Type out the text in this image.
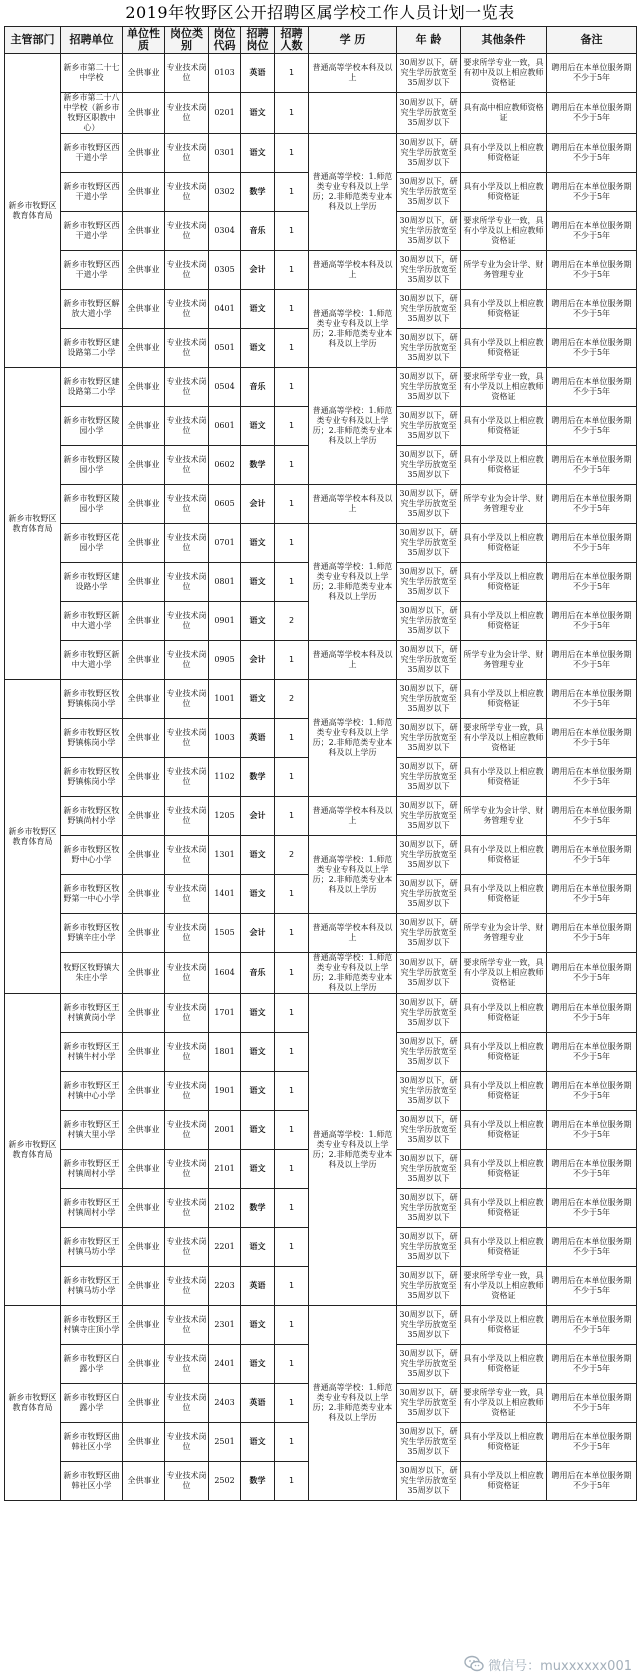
2019年牧野区公开招聘区属学校工作人员计划一览表
主管部门	招聘单位	单位性质	岗位类别	岗位代码	招聘岗位	招聘人数	学 历	年 龄	其他条件	备注
新乡市牧野区教育体育局	新乡市第二十七中学校	全供事业	专业技术岗位	0103	英语	1	普通高等学校本科及以上	30周岁以下，研究生学历放宽至35周岁以下	要求所学专业一致，具有初中及以上相应教师资格证	聘用后在本单位服务期不少于5年
	新乡市第二十八中学校（新乡市牧野区职教中心）	全供事业	专业技术岗位	0201	语文	1		30周岁以下，研究生学历放宽至35周岁以下	具有高中相应教师资格证	聘用后在本单位服务期不少于5年
	新乡市牧野区西干道小学	全供事业	专业技术岗位	0301	语文	1	普通高等学校：1.师范类专业专科及以上学历；2.非师范类专业本科及以上学历	30周岁以下，研究生学历放宽至35周岁以下	具有小学及以上相应教师资格证	聘用后在本单位服务期不少于5年
	新乡市牧野区西干道小学	全供事业	专业技术岗位	0302	数学	1		30周岁以下，研究生学历放宽至35周岁以下	具有小学及以上相应教师资格证	聘用后在本单位服务期不少于5年
	新乡市牧野区西干道小学	全供事业	专业技术岗位	0304	音乐	1		30周岁以下，研究生学历放宽至35周岁以下	要求所学专业一致，具有小学及以上相应教师资格证	聘用后在本单位服务期不少于5年
	新乡市牧野区西干道小学	全供事业	专业技术岗位	0305	会计	1	普通高等学校本科及以上	30周岁以下，研究生学历放宽至35周岁以下	所学专业为会计学、财务管理专业	聘用后在本单位服务期不少于5年
	新乡市牧野区解放大道小学	全供事业	专业技术岗位	0401	语文	1	普通高等学校：1.师范类专业专科及以上学历；2.非师范类专业本科及以上学历	30周岁以下，研究生学历放宽至35周岁以下	具有小学及以上相应教师资格证	聘用后在本单位服务期不少于5年
	新乡市牧野区建设路第二小学	全供事业	专业技术岗位	0501	语文	1		30周岁以下，研究生学历放宽至35周岁以下	具有小学及以上相应教师资格证	聘用后在本单位服务期不少于5年
新乡市牧野区教育体育局	新乡市牧野区建设路第二小学	全供事业	专业技术岗位	0504	音乐	1	普通高等学校：1.师范类专业专科及以上学历；2.非师范类专业本科及以上学历	30周岁以下，研究生学历放宽至35周岁以下	要求所学专业一致，具有小学及以上相应教师资格证	聘用后在本单位服务期不少于5年
	新乡市牧野区陵园小学	全供事业	专业技术岗位	0601	语文	1		30周岁以下，研究生学历放宽至35周岁以下	具有小学及以上相应教师资格证	聘用后在本单位服务期不少于5年
	新乡市牧野区陵园小学	全供事业	专业技术岗位	0602	数学	1		30周岁以下，研究生学历放宽至35周岁以下	具有小学及以上相应教师资格证	聘用后在本单位服务期不少于5年
	新乡市牧野区陵园小学	全供事业	专业技术岗位	0605	会计	1	普通高等学校本科及以上	30周岁以下，研究生学历放宽至35周岁以下	所学专业为会计学、财务管理专业	聘用后在本单位服务期不少于5年
	新乡市牧野区花园小学	全供事业	专业技术岗位	0701	语文	1	普通高等学校：1.师范类专业专科及以上学历；2.非师范类专业本科及以上学历	30周岁以下，研究生学历放宽至35周岁以下	具有小学及以上相应教师资格证	聘用后在本单位服务期不少于5年
	新乡市牧野区建设路小学	全供事业	专业技术岗位	0801	语文	1		30周岁以下，研究生学历放宽至35周岁以下	具有小学及以上相应教师资格证	聘用后在本单位服务期不少于5年
	新乡市牧野区新中大道小学	全供事业	专业技术岗位	0901	语文	2		30周岁以下，研究生学历放宽至35周岁以下	具有小学及以上相应教师资格证	聘用后在本单位服务期不少于5年
	新乡市牧野区新中大道小学	全供事业	专业技术岗位	0905	会计	1	普通高等学校本科及以上	30周岁以下，研究生学历放宽至35周岁以下	所学专业为会计学、财务管理专业	聘用后在本单位服务期不少于5年
新乡市牧野区教育体育局	新乡市牧野区牧野镇栋岗小学	全供事业	专业技术岗位	1001	语文	2	普通高等学校：1.师范类专业专科及以上学历；2.非师范类专业本科及以上学历	30周岁以下，研究生学历放宽至35周岁以下	具有小学及以上相应教师资格证	聘用后在本单位服务期不少于5年
	新乡市牧野区牧野镇栋岗小学	全供事业	专业技术岗位	1003	英语	1		30周岁以下，研究生学历放宽至35周岁以下	要求所学专业一致，具有小学及以上相应教师资格证	聘用后在本单位服务期不少于5年
	新乡市牧野区牧野镇栋岗小学	全供事业	专业技术岗位	1102	数学	1		30周岁以下，研究生学历放宽至35周岁以下	具有小学及以上相应教师资格证	聘用后在本单位服务期不少于5年
	新乡市牧野区牧野镇尚村小学	全供事业	专业技术岗位	1205	会计	1	普通高等学校本科及以上	30周岁以下，研究生学历放宽至35周岁以下	所学专业为会计学、财务管理专业	聘用后在本单位服务期不少于5年
	新乡市牧野区牧野中心小学	全供事业	专业技术岗位	1301	语文	2	普通高等学校：1.师范类专业专科及以上学历；2.非师范类专业本科及以上学历	30周岁以下，研究生学历放宽至35周岁以下	具有小学及以上相应教师资格证	聘用后在本单位服务期不少于5年
	新乡市牧野区牧野第一中心小学	全供事业	专业技术岗位	1401	语文	1		30周岁以下，研究生学历放宽至35周岁以下	具有小学及以上相应教师资格证	聘用后在本单位服务期不少于5年
	新乡市牧野区牧野镇辛庄小学	全供事业	专业技术岗位	1505	会计	1	普通高等学校本科及以上	30周岁以下，研究生学历放宽至35周岁以下	所学专业为会计学、财务管理专业	聘用后在本单位服务期不少于5年
	牧野区牧野镇大朱庄小学	全供事业	专业技术岗位	1604	音乐	1	普通高等学校：1.师范类专业专科及以上学历；2.非师范类专业本科及以上学历	30周岁以下，研究生学历放宽至35周岁以下	要求所学专业一致，具有小学及以上相应教师资格证	聘用后在本单位服务期不少于5年
新乡市牧野区教育体育局	新乡市牧野区王村镇黄岗小学	全供事业	专业技术岗位	1701	语文	1	普通高等学校：1.师范类专业专科及以上学历；2.非师范类专业本科及以上学历	30周岁以下，研究生学历放宽至35周岁以下	具有小学及以上相应教师资格证	聘用后在本单位服务期不少于5年
	新乡市牧野区王村镇牛村小学	全供事业	专业技术岗位	1801	语文	1		30周岁以下，研究生学历放宽至35周岁以下	具有小学及以上相应教师资格证	聘用后在本单位服务期不少于5年
	新乡市牧野区王村镇中心小学	全供事业	专业技术岗位	1901	语文	1		30周岁以下，研究生学历放宽至35周岁以下	具有小学及以上相应教师资格证	聘用后在本单位服务期不少于5年
	新乡市牧野区王村镇大里小学	全供事业	专业技术岗位	2001	语文	1		30周岁以下，研究生学历放宽至35周岁以下	具有小学及以上相应教师资格证	聘用后在本单位服务期不少于5年
	新乡市牧野区王村镇周村小学	全供事业	专业技术岗位	2101	语文	1		30周岁以下，研究生学历放宽至35周岁以下	具有小学及以上相应教师资格证	聘用后在本单位服务期不少于5年
	新乡市牧野区王村镇周村小学	全供事业	专业技术岗位	2102	数学	1		30周岁以下，研究生学历放宽至35周岁以下	具有小学及以上相应教师资格证	聘用后在本单位服务期不少于5年
	新乡市牧野区王村镇马坊小学	全供事业	专业技术岗位	2201	语文	1		30周岁以下，研究生学历放宽至35周岁以下	具有小学及以上相应教师资格证	聘用后在本单位服务期不少于5年
	新乡市牧野区王村镇马坊小学	全供事业	专业技术岗位	2203	英语	1		30周岁以下，研究生学历放宽至35周岁以下	要求所学专业一致，具有小学及以上相应教师资格证	聘用后在本单位服务期不少于5年
新乡市牧野区教育体育局	新乡市牧野区王村镇寺庄顶小学	全供事业	专业技术岗位	2301	语文	1	普通高等学校：1.师范类专业专科及以上学历；2.非师范类专业本科及以上学历	30周岁以下，研究生学历放宽至35周岁以下	具有小学及以上相应教师资格证	聘用后在本单位服务期不少于5年
	新乡市牧野区白露小学	全供事业	专业技术岗位	2401	语文	1		30周岁以下，研究生学历放宽至35周岁以下	具有小学及以上相应教师资格证	聘用后在本单位服务期不少于5年
	新乡市牧野区白露小学	全供事业	专业技术岗位	2403	英语	1		30周岁以下，研究生学历放宽至35周岁以下	要求所学专业一致，具有小学及以上相应教师资格证	聘用后在本单位服务期不少于5年
	新乡市牧野区曲韩社区小学	全供事业	专业技术岗位	2501	语文	1		30周岁以下，研究生学历放宽至35周岁以下	具有小学及以上相应教师资格证	聘用后在本单位服务期不少于5年
	新乡市牧野区曲韩社区小学	全供事业	专业技术岗位	2502	数学	1		30周岁以下，研究生学历放宽至35周岁以下	具有小学及以上相应教师资格证	聘用后在本单位服务期不少于5年
微信号：muxxxxxx001
